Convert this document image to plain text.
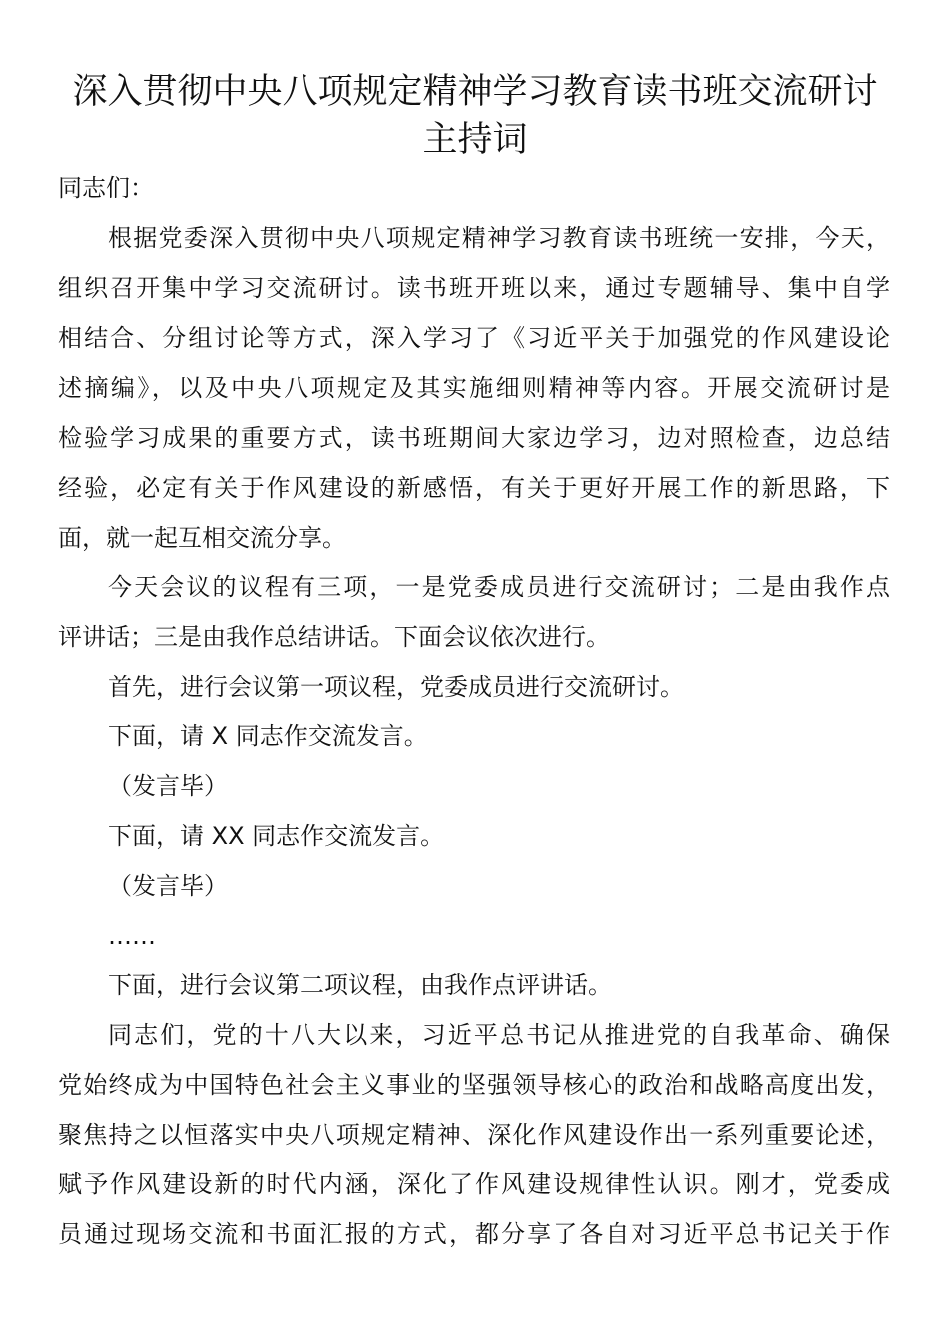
深入贯彻中央八项规定精神学习教育读书班交流研讨
主持词
同志们：
根据党委深入贯彻中央八项规定精神学习教育读书班统一安排，今天，
组织召开集中学习交流研讨。读书班开班以来，通过专题辅导、集中自学
相结合、分组讨论等方式，深入学习了《习近平关于加强党的作风建设论
述摘编》，以及中央八项规定及其实施细则精神等内容。开展交流研讨是
检验学习成果的重要方式，读书班期间大家边学习，边对照检查，边总结
经验，必定有关于作风建设的新感悟，有关于更好开展工作的新思路，下
面，就一起互相交流分享。
今天会议的议程有三项，一是党委成员进行交流研讨；二是由我作点
评讲话；三是由我作总结讲话。下面会议依次进行。
首先，进行会议第一项议程，党委成员进行交流研讨。
下面，请 X 同志作交流发言。
（发言毕）
下面，请 XX 同志作交流发言。
（发言毕）
……
下面，进行会议第二项议程，由我作点评讲话。
同志们，党的十八大以来，习近平总书记从推进党的自我革命、确保
党始终成为中国特色社会主义事业的坚强领导核心的政治和战略高度出发，
聚焦持之以恒落实中央八项规定精神、深化作风建设作出一系列重要论述，
赋予作风建设新的时代内涵，深化了作风建设规律性认识。刚才，党委成
员通过现场交流和书面汇报的方式，都分享了各自对习近平总书记关于作
